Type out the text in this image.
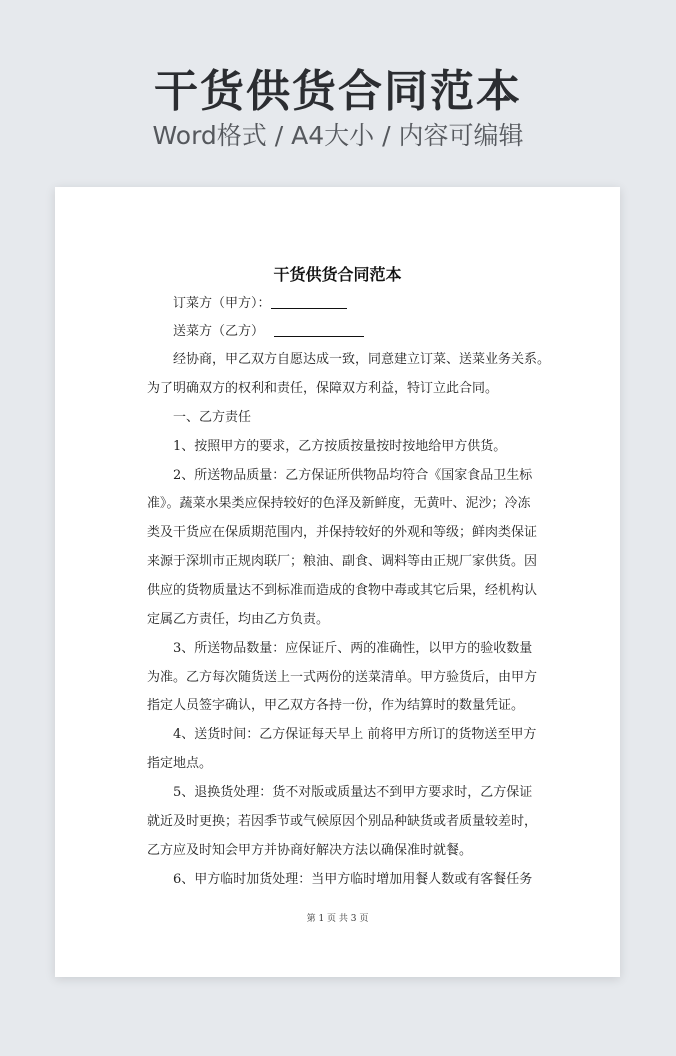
干货供货合同范本
Word格式 / A4大小 / 内容可编辑
干货供货合同范本
订菜方（甲方）：
送菜方（乙方）
经协商，甲乙双方自愿达成一致，同意建立订菜、送菜业务关系。
为了明确双方的权利和责任，保障双方利益，特订立此合同。
一、乙方责任
1、按照甲方的要求，乙方按质按量按时按地给甲方供货。
2、所送物品质量：乙方保证所供物品均符合《国家食品卫生标
准》。蔬菜水果类应保持较好的色泽及新鲜度，无黄叶、泥沙；冷冻
类及干货应在保质期范围内，并保持较好的外观和等级；鲜肉类保证
来源于深圳市正规肉联厂；粮油、副食、调料等由正规厂家供货。因
供应的货物质量达不到标准而造成的食物中毒或其它后果，经机构认
定属乙方责任，均由乙方负责。
3、所送物品数量：应保证斤、两的准确性，以甲方的验收数量
为准。乙方每次随货送上一式两份的送菜清单。甲方验货后，由甲方
指定人员签字确认，甲乙双方各持一份，作为结算时的数量凭证。
4、送货时间：乙方保证每天早上 前将甲方所订的货物送至甲方
指定地点。
5、退换货处理：货不对版或质量达不到甲方要求时，乙方保证
就近及时更换；若因季节或气候原因个别品种缺货或者质量较差时，
乙方应及时知会甲方并协商好解决方法以确保准时就餐。
6、甲方临时加货处理：当甲方临时增加用餐人数或有客餐任务
第 1 页 共 3 页
